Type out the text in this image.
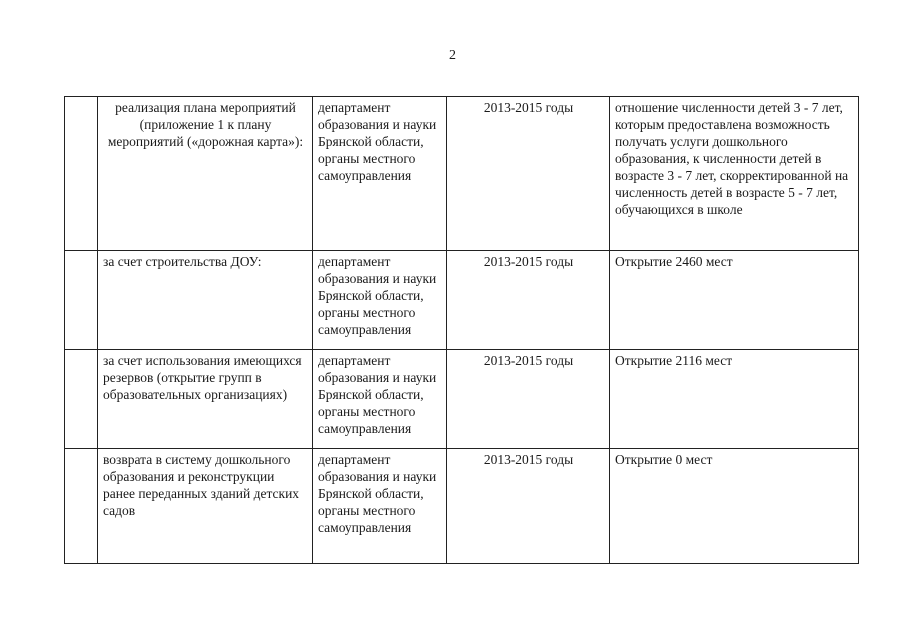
2
	реализация плана мероприятий (приложение 1 к плану мероприятий («дорожная карта»):	департамент образования и науки Брянской области, органы местного самоуправления	2013-2015 годы	отношение численности детей 3 - 7 лет, которым предоставлена возможность получать услуги дошкольного образования, к численности детей в возрасте 3 - 7 лет, скорректированной на численность детей в возрасте 5 - 7 лет, обучающихся в школе
	за счет строительства ДОУ:	департамент образования и науки Брянской области, органы местного самоуправления	2013-2015 годы	Открытие 2460 мест
	за счет использования имеющихся резервов (открытие групп в образовательных организациях)	департамент образования и науки Брянской области, органы местного самоуправления	2013-2015 годы	Открытие 2116 мест
	возврата в систему дошкольного образования и реконструкции ранее переданных зданий детских садов	департамент образования и науки Брянской области, органы местного самоуправления	2013-2015 годы	Открытие 0 мест
